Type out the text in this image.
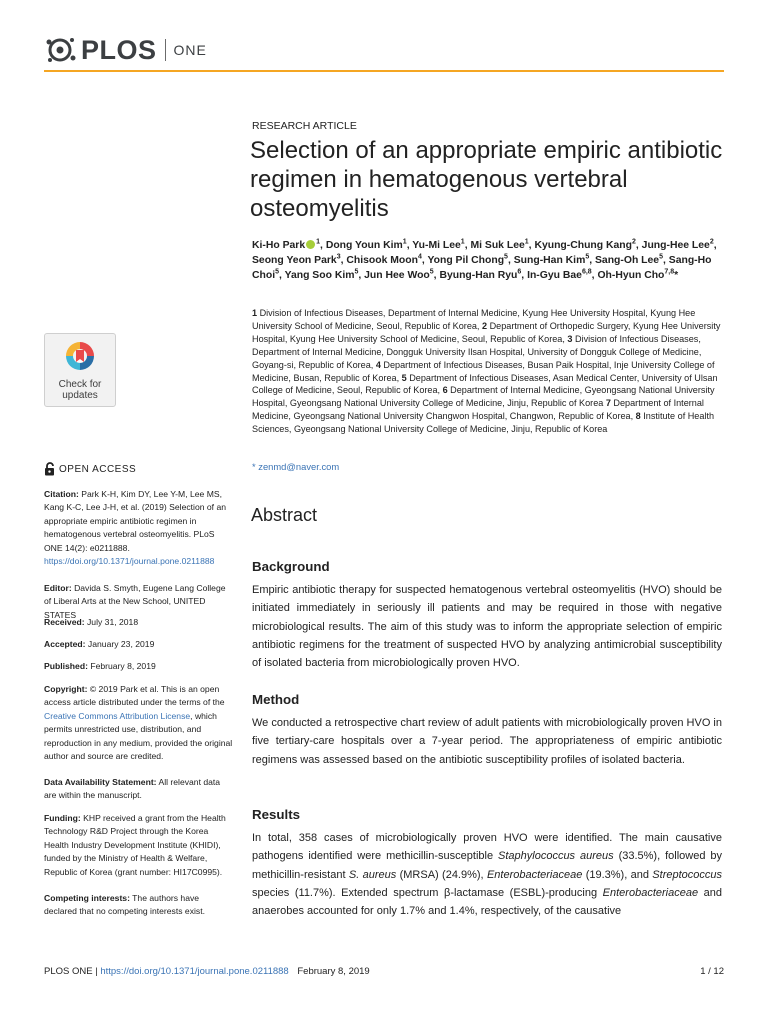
PLOS ONE
Check for updates
OPEN ACCESS
Citation: Park K-H, Kim DY, Lee Y-M, Lee MS, Kang K-C, Lee J-H, et al. (2019) Selection of an appropriate empiric antibiotic regimen in hematogenous vertebral osteomyelitis. PLoS ONE 14(2): e0211888. https://doi.org/10.1371/journal.pone.0211888
Editor: Davida S. Smyth, Eugene Lang College of Liberal Arts at the New School, UNITED STATES
Received: July 31, 2018
Accepted: January 23, 2019
Published: February 8, 2019
Copyright: © 2019 Park et al. This is an open access article distributed under the terms of the Creative Commons Attribution License, which permits unrestricted use, distribution, and reproduction in any medium, provided the original author and source are credited.
Data Availability Statement: All relevant data are within the manuscript.
Funding: KHP received a grant from the Health Technology R&D Project through the Korea Health Industry Development Institute (KHIDI), funded by the Ministry of Health & Welfare, Republic of Korea (grant number: HI17C0995).
Competing interests: The authors have declared that no competing interests exist.
RESEARCH ARTICLE
Selection of an appropriate empiric antibiotic regimen in hematogenous vertebral osteomyelitis
Ki-Ho Park $^1$, Dong Youn Kim$^1$, Yu-Mi Lee$^1$, Mi Suk Lee$^1$, Kyung-Chung Kang$^2$, Jung-Hee Lee$^2$, Seong Yeon Park$^3$, Chisook Moon$^4$, Yong Pil Chong$^5$, Sung-Han Kim$^5$, Sang-Oh Lee$^5$, Sang-Ho Choi$^5$, Yang Soo Kim$^5$, Jun Hee Woo$^5$, Byung-Han Ryu$^6$, In-Gyu Bae$^{6,8}$, Oh-Hyun Cho$^{7,8}$*
1 Division of Infectious Diseases, Department of Internal Medicine, Kyung Hee University Hospital, Kyung Hee University School of Medicine, Seoul, Republic of Korea, 2 Department of Orthopedic Surgery, Kyung Hee University Hospital, Kyung Hee University School of Medicine, Seoul, Republic of Korea, 3 Division of Infectious Diseases, Department of Internal Medicine, Dongguk University Ilsan Hospital, University of Dongguk College of Medicine, Goyang-si, Republic of Korea, 4 Department of Infectious Diseases, Busan Paik Hospital, Inje University College of Medicine, Busan, Republic of Korea, 5 Department of Infectious Diseases, Asan Medical Center, University of Ulsan College of Medicine, Seoul, Republic of Korea, 6 Department of Internal Medicine, Gyeongsang National University Hospital, Gyeongsang National University College of Medicine, Jinju, Republic of Korea 7 Department of Internal Medicine, Gyeongsang National University Changwon Hospital, Changwon, Republic of Korea, 8 Institute of Health Sciences, Gyeongsang National University College of Medicine, Jinju, Republic of Korea
* zenmd@naver.com
Abstract
Background
Empiric antibiotic therapy for suspected hematogenous vertebral osteomyelitis (HVO) should be initiated immediately in seriously ill patients and may be required in those with negative microbiological results. The aim of this study was to inform the appropriate selection of empiric antibiotic regimens for the treatment of suspected HVO by analyzing antimicrobial susceptibility of isolated bacteria from microbiologically proven HVO.
Method
We conducted a retrospective chart review of adult patients with microbiologically proven HVO in five tertiary-care hospitals over a 7-year period. The appropriateness of empiric antibiotic regimens was assessed based on the antibiotic susceptibility profiles of isolated bacteria.
Results
In total, 358 cases of microbiologically proven HVO were identified. The main causative pathogens identified were methicillin-susceptible Staphylococcus aureus (33.5%), followed by methicillin-resistant S. aureus (MRSA) (24.9%), Enterobacteriaceae (19.3%), and Streptococcus species (11.7%). Extended spectrum β-lactamase (ESBL)-producing Enterobacteriaceae and anaerobes accounted for only 1.7% and 1.4%, respectively, of the causative
PLOS ONE | https://doi.org/10.1371/journal.pone.0211888 February 8, 2019	1 / 12
